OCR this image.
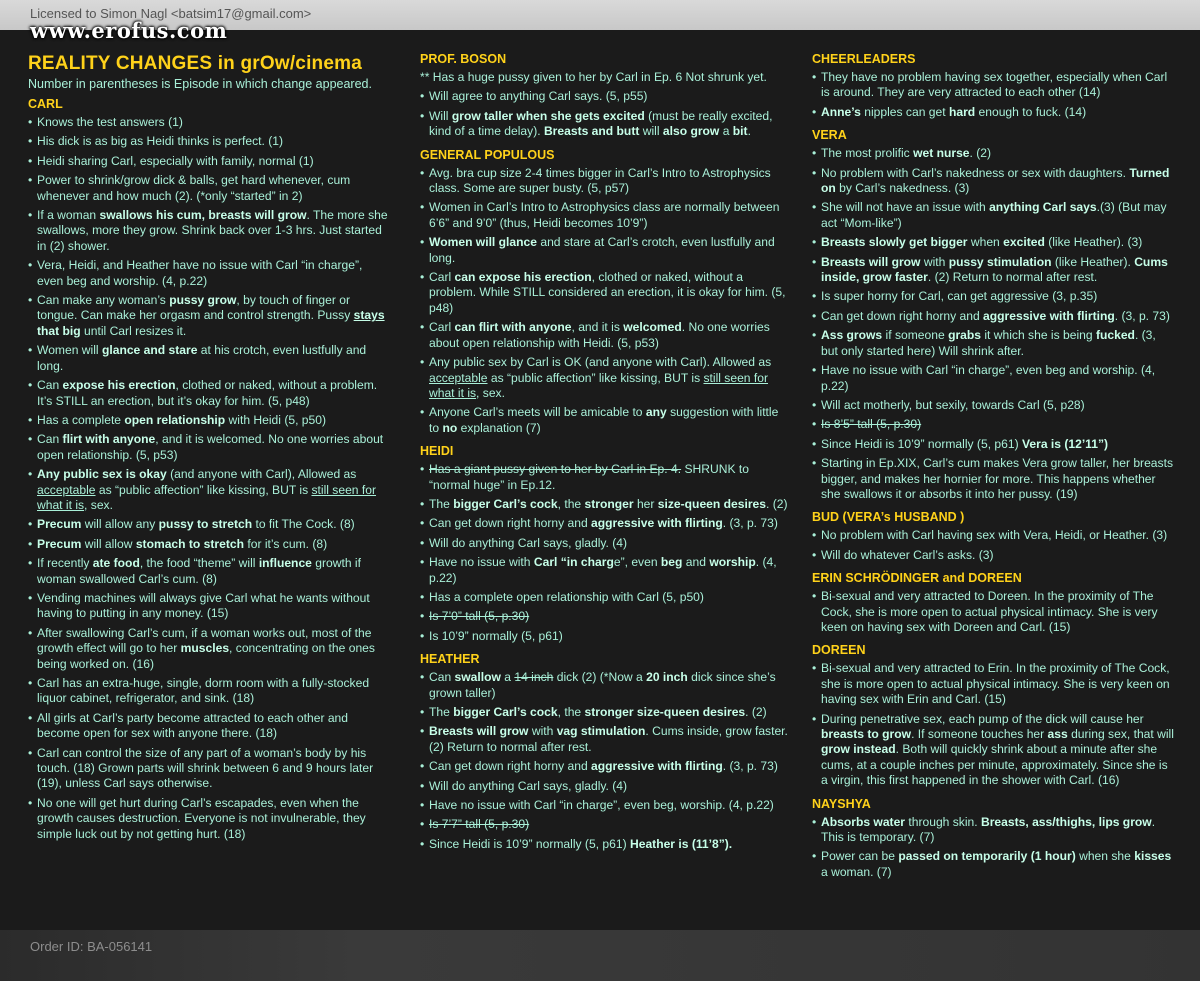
Licensed to Simon Nagl <batsim17@gmail.com>
www.erofus.com
REALITY CHANGES in grOw/cinema
Number in parentheses is Episode in which change appeared.
CARL
• Knows the test answers (1)
• His dick is as big as Heidi thinks is perfect. (1)
• Heidi sharing Carl, especially with family, normal (1)
• Power to shrink/grow dick & balls, get hard whenever, cum whenever and how much (2). (*only “started” in 2)
• If a woman swallows his cum, breasts will grow. The more she swallows, more they grow. Shrink back over 1-3 hrs. Just started in (2) shower.
• Vera, Heidi, and Heather have no issue with Carl “in charge”, even beg and worship. (4, p.22)
• Can make any woman’s pussy grow, by touch of finger or tongue. Can make her orgasm and control strength. Pussy stays that big until Carl resizes it.
• Women will glance and stare at his crotch, even lustfully and long.
• Can expose his erection, clothed or naked, without a problem. It’s STILL an erection, but it’s okay for him. (5, p48)
• Has a complete open relationship with Heidi (5, p50)
• Can flirt with anyone, and it is welcomed. No one worries about open relationship. (5, p53)
• Any public sex is okay (and anyone with Carl), Allowed as acceptable as “public affection” like kissing, BUT is still seen for what it is, sex.
• Precum will allow any pussy to stretch to fit The Cock. (8)
• Precum will allow stomach to stretch for it’s cum. (8)
• If recently ate food, the food “theme” will influence growth if woman swallowed Carl’s cum. (8)
• Vending machines will always give Carl what he wants without having to putting in any money. (15)
• After swallowing Carl’s cum, if a woman works out, most of the growth effect will go to her muscles, concentrating on the ones being worked on. (16)
• Carl has an extra-huge, single, dorm room with a fully-stocked liquor cabinet, refrigerator, and sink. (18)
• All girls at Carl’s party become attracted to each other and become open for sex with anyone there. (18)
• Carl can control the size of any part of a woman’s body by his touch. (18) Grown parts will shrink between 6 and 9 hours later (19), unless Carl says otherwise.
• No one will get hurt during Carl’s escapades, even when the growth causes destruction. Everyone is not invulnerable, they simple luck out by not getting hurt. (18)
PROF. BOSON
** Has a huge pussy given to her by Carl in Ep. 6 Not shrunk yet.
• Will agree to anything Carl says. (5, p55)
• Will grow taller when she gets excited (must be really excited, kind of a time delay). Breasts and butt will also grow a bit.
GENERAL POPULOUS
• Avg. bra cup size 2-4 times bigger in Carl’s Intro to Astrophysics class. Some are super busty. (5, p57)
• Women in Carl’s Intro to Astrophysics class are normally between 6’6” and 9’0” (thus, Heidi becomes 10’9”)
• Women will glance and stare at Carl’s crotch, even lustfully and long.
• Carl can expose his erection, clothed or naked, without a problem. While STILL considered an erection, it is okay for him. (5, p48)
• Carl can flirt with anyone, and it is welcomed. No one worries about open relationship with Heidi. (5, p53)
• Any public sex by Carl is OK (and anyone with Carl). Allowed as acceptable as “public affection” like kissing, BUT is still seen for what it is, sex.
• Anyone Carl’s meets will be amicable to any suggestion with little to no explanation (7)
HEIDI
• Has a giant pussy given to her by Carl in Ep. 4. SHRUNK to “normal huge” in Ep.12.
• The bigger Carl’s cock, the stronger her size-queen desires. (2)
• Can get down right horny and aggressive with flirting. (3, p. 73)
• Will do anything Carl says, gladly. (4)
• Have no issue with Carl “in charge”, even beg and worship. (4, p.22)
• Has a complete open relationship with Carl (5, p50)
• Is 7’0” tall (5, p.30)
• Is 10’9” normally (5, p61)
HEATHER
• Can swallow a 14 inch dick (2) (*Now a 20 inch dick since she’s grown taller)
• The bigger Carl’s cock, the stronger size-queen desires. (2)
• Breasts will grow with vag stimulation. Cums inside, grow faster. (2) Return to normal after rest.
• Can get down right horny and aggressive with flirting. (3, p. 73)
• Will do anything Carl says, gladly. (4)
• Have no issue with Carl “in charge”, even beg, worship. (4, p.22)
• Is 7’7” tall (5, p.30)
• Since Heidi is 10’9” normally (5, p61) Heather is (11’8”).
CHEERLEADERS
• They have no problem having sex together, especially when Carl is around. They are very attracted to each other (14)
• Anne’s nipples can get hard enough to fuck. (14)
VERA
• The most prolific wet nurse. (2)
• No problem with Carl’s nakedness or sex with daughters. Turned on by Carl’s nakedness. (3)
• She will not have an issue with anything Carl says.(3) (But may act “Mom-like”)
• Breasts slowly get bigger when excited (like Heather). (3)
• Breasts will grow with pussy stimulation (like Heather). Cums inside, grow faster. (2) Return to normal after rest.
• Is super horny for Carl, can get aggressive (3, p.35)
• Can get down right horny and aggressive with flirting. (3, p. 73)
• Ass grows if someone grabs it which she is being fucked. (3, but only started here) Will shrink after.
• Have no issue with Carl “in charge”, even beg and worship. (4, p.22)
• Will act motherly, but sexily, towards Carl (5, p28)
• Is 8’5” tall (5, p.30)
• Since Heidi is 10’9” normally (5, p61) Vera is (12’11”)
• Starting in Ep.XIX, Carl’s cum makes Vera grow taller, her breasts bigger, and makes her hornier for more. This happens whether she swallows it or absorbs it into her pussy. (19)
BUD (VERA’s HUSBAND )
• No problem with Carl having sex with Vera, Heidi, or Heather. (3)
• Will do whatever Carl’s asks. (3)
ERIN SCHRÖDINGER and DOREEN
• Bi-sexual and very attracted to Doreen. In the proximity of The Cock, she is more open to actual physical intimacy. She is very keen on having sex with Doreen and Carl. (15)
DOREEN
• Bi-sexual and very attracted to Erin. In the proximity of The Cock, she is more open to actual physical intimacy. She is very keen on having sex with Erin and Carl. (15)
• During penetrative sex, each pump of the dick will cause her breasts to grow. If someone touches her ass during sex, that will grow instead. Both will quickly shrink about a minute after she cums, at a couple inches per minute, approximately. Since she is a virgin, this first happened in the shower with Carl. (16)
NAYSHYA
• Absorbs water through skin. Breasts, ass/thighs, lips grow. This is temporary. (7)
• Power can be passed on temporarily (1 hour) when she kisses a woman. (7)
Order ID: BA-056141
